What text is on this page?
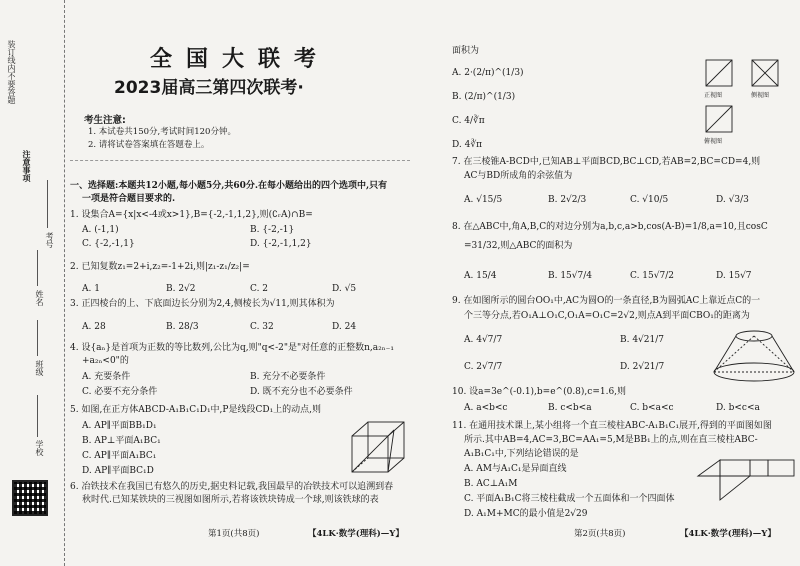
装订线内不要答题
注意事项
考号
姓名
班级
学校
全国大联考
2023届高三第四次联考·
考生注意:
1. 本试卷共150分,考试时间120分钟。
2. 请将试卷答案填在答题卷上。
一、选择题:本题共12小题,每小题5分,共60分.在每小题给出的四个选项中,只有
一项是符合题目要求的.
1. 设集合A={x|x<-4或x>1},B={-2,-1,1,2},则(∁ᵣA)∩B=
A. (-1,1)	B. {-2,-1}
C. {-2,-1,1}	D. {-2,-1,1,2}
2. 已知复数z₁=2+i,z₂=-1+2i,则|z₁-z₁/z₂|=
A. 1	B. 2√2	C. 2	D. √5
3. 正四棱台的上、下底面边长分别为2,4,侧棱长为√11,则其体积为
A. 28	B. 28/3	C. 32	D. 24
4. 设{aₙ}是首项为正数的等比数列,公比为q,则"q<-2"是"对任意的正整数n,a₂ₙ₋₁
+a₂ₙ<0"的
A. 充要条件	B. 充分不必要条件
C. 必要不充分条件	D. 既不充分也不必要条件
5. 如图,在正方体ABCD-A₁B₁C₁D₁中,P是线段CD₁上的动点,则
A. AP∥平面BB₁D₁
B. AP⊥平面A₁BC₁
C. AP∥平面A₁BC₁
D. AP∥平面BC₁D
6. 冶铁技术在我国已有悠久的历史,据史料记载,我国最早的冶铁技术可以追溯到春
秋时代.已知某铁块的三视图如图所示,若将该铁块铸成一个球,则该铁球的表
第1页(共8页)	【4LK·数学(理科)—Y】
面积为
A. 2·(2/π)^(1/3)
B. (2/π)^(1/3)
C. 4/∛π
D. 4∛π
正视图	侧视图
俯视图
7. 在三棱锥A-BCD中,已知AB⊥平面BCD,BC⊥CD,若AB=2,BC=CD=4,则
AC与BD所成角的余弦值为
A. √15/5	B. 2√2/3	C. √10/5	D. √3/3
8. 在△ABC中,角A,B,C的对边分别为a,b,c,a>b,cos(A-B)=1/8,a=10,且cosC
=31/32,则△ABC的面积为
A. 15/4	B. 15√7/4	C. 15√7/2	D. 15√7
9. 在如图所示的圆台OO₁中,AC为圆O的一条直径,B为圆弧AC上靠近点C的一
个三等分点,若O₁A⊥O₁C,O₁A=O₁C=2√2,则点A到平面CBO₁的距离为
A. 4√7/7	B. 4√21/7
C. 2√7/7	D. 2√21/7
10. 设a=3e^(-0.1),b=e^(0.8),c=1.6,则
A. a<b<c	B. c<b<a	C. b<a<c	D. b<c<a
11. 在通用技术课上,某小组将一个直三棱柱ABC-A₁B₁C₁展开,得到的平面图如图
所示.其中AB=4,AC=3,BC=AA₁=5,M是BB₁上的点,则在直三棱柱ABC-
A₁B₁C₁中,下列结论错误的是
A. AM与A₁C₁是异面直线
B. AC⊥A₁M
C. 平面A₁B₁C将三棱柱截成一个五面体和一个四面体
D. A₁M+MC的最小值是2√29
第2页(共8页)	【4LK·数学(理科)—Y】
